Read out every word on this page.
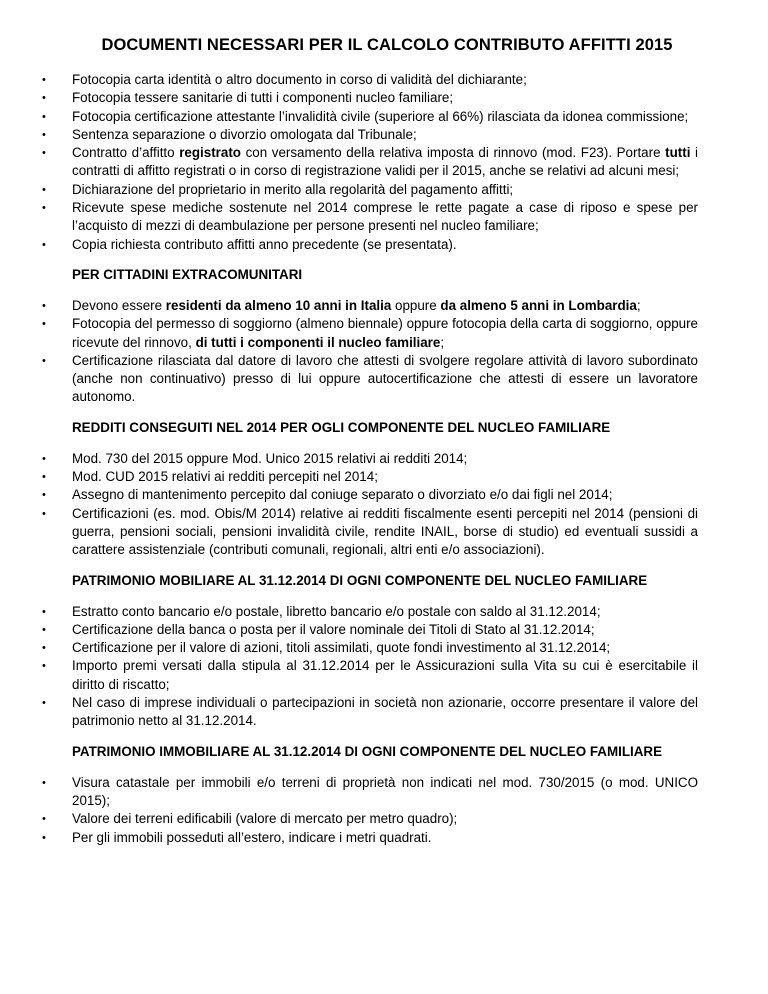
DOCUMENTI NECESSARI PER IL CALCOLO CONTRIBUTO AFFITTI 2015
•	Fotocopia carta identità o altro documento in corso di validità del dichiarante;
•	Fotocopia tessere sanitarie di tutti i componenti nucleo familiare;
•	Fotocopia certificazione attestante l’invalidità civile (superiore al 66%) rilasciata da idonea commissione;
•	Sentenza separazione o divorzio omologata dal Tribunale;
•	Contratto d’affitto registrato con versamento della relativa imposta di rinnovo (mod. F23). Portare tutti i contratti di affitto registrati o in corso di registrazione validi per il 2015, anche se relativi ad alcuni mesi;
•	Dichiarazione del proprietario in merito alla regolarità del pagamento affitti;
•	Ricevute spese mediche sostenute nel 2014 comprese le rette pagate a case di riposo e spese per l’acquisto di mezzi di deambulazione per persone presenti nel nucleo familiare;
•	Copia richiesta contributo affitti anno precedente (se presentata).
PER CITTADINI EXTRACOMUNITARI
•	Devono essere residenti da almeno 10 anni in Italia oppure da almeno 5 anni in Lombardia;
•	Fotocopia del permesso di soggiorno (almeno biennale) oppure fotocopia della carta di soggiorno, oppure ricevute del rinnovo, di tutti i componenti il nucleo familiare;
•	Certificazione rilasciata dal datore di lavoro che attesti di svolgere regolare attività di lavoro subordinato (anche non continuativo) presso di lui oppure autocertificazione che attesti di essere un lavoratore autonomo.
REDDITI CONSEGUITI NEL 2014 PER OGLI COMPONENTE DEL NUCLEO FAMILIARE
•	Mod. 730 del 2015 oppure Mod. Unico 2015 relativi ai redditi 2014;
•	Mod. CUD 2015 relativi ai redditi percepiti nel 2014;
•	Assegno di mantenimento percepito dal coniuge separato o divorziato e/o dai figli nel 2014;
•	Certificazioni (es. mod. Obis/M 2014) relative ai redditi fiscalmente esenti percepiti nel 2014 (pensioni di guerra, pensioni sociali, pensioni invalidità civile, rendite INAIL, borse di studio) ed eventuali sussidi a carattere assistenziale (contributi comunali, regionali, altri enti e/o associazioni).
PATRIMONIO MOBILIARE AL 31.12.2014 DI OGNI COMPONENTE DEL NUCLEO FAMILIARE
•	Estratto conto bancario e/o postale, libretto bancario e/o postale con saldo al 31.12.2014;
•	Certificazione della banca o posta per il valore nominale dei Titoli di Stato al 31.12.2014;
•	Certificazione per il valore di azioni, titoli assimilati, quote fondi investimento al 31.12.2014;
•	Importo premi versati dalla stipula al 31.12.2014 per le Assicurazioni sulla Vita su cui è esercitabile il diritto di riscatto;
•	Nel caso di imprese individuali o partecipazioni in società non azionarie, occorre presentare il valore del patrimonio netto al 31.12.2014.
PATRIMONIO IMMOBILIARE AL 31.12.2014 DI OGNI COMPONENTE DEL NUCLEO FAMILIARE
•	Visura catastale per immobili e/o terreni di proprietà non indicati nel mod. 730/2015 (o mod. UNICO 2015);
•	Valore dei terreni edificabili (valore di mercato per metro quadro);
•	Per gli immobili posseduti all’estero, indicare i metri quadrati.
